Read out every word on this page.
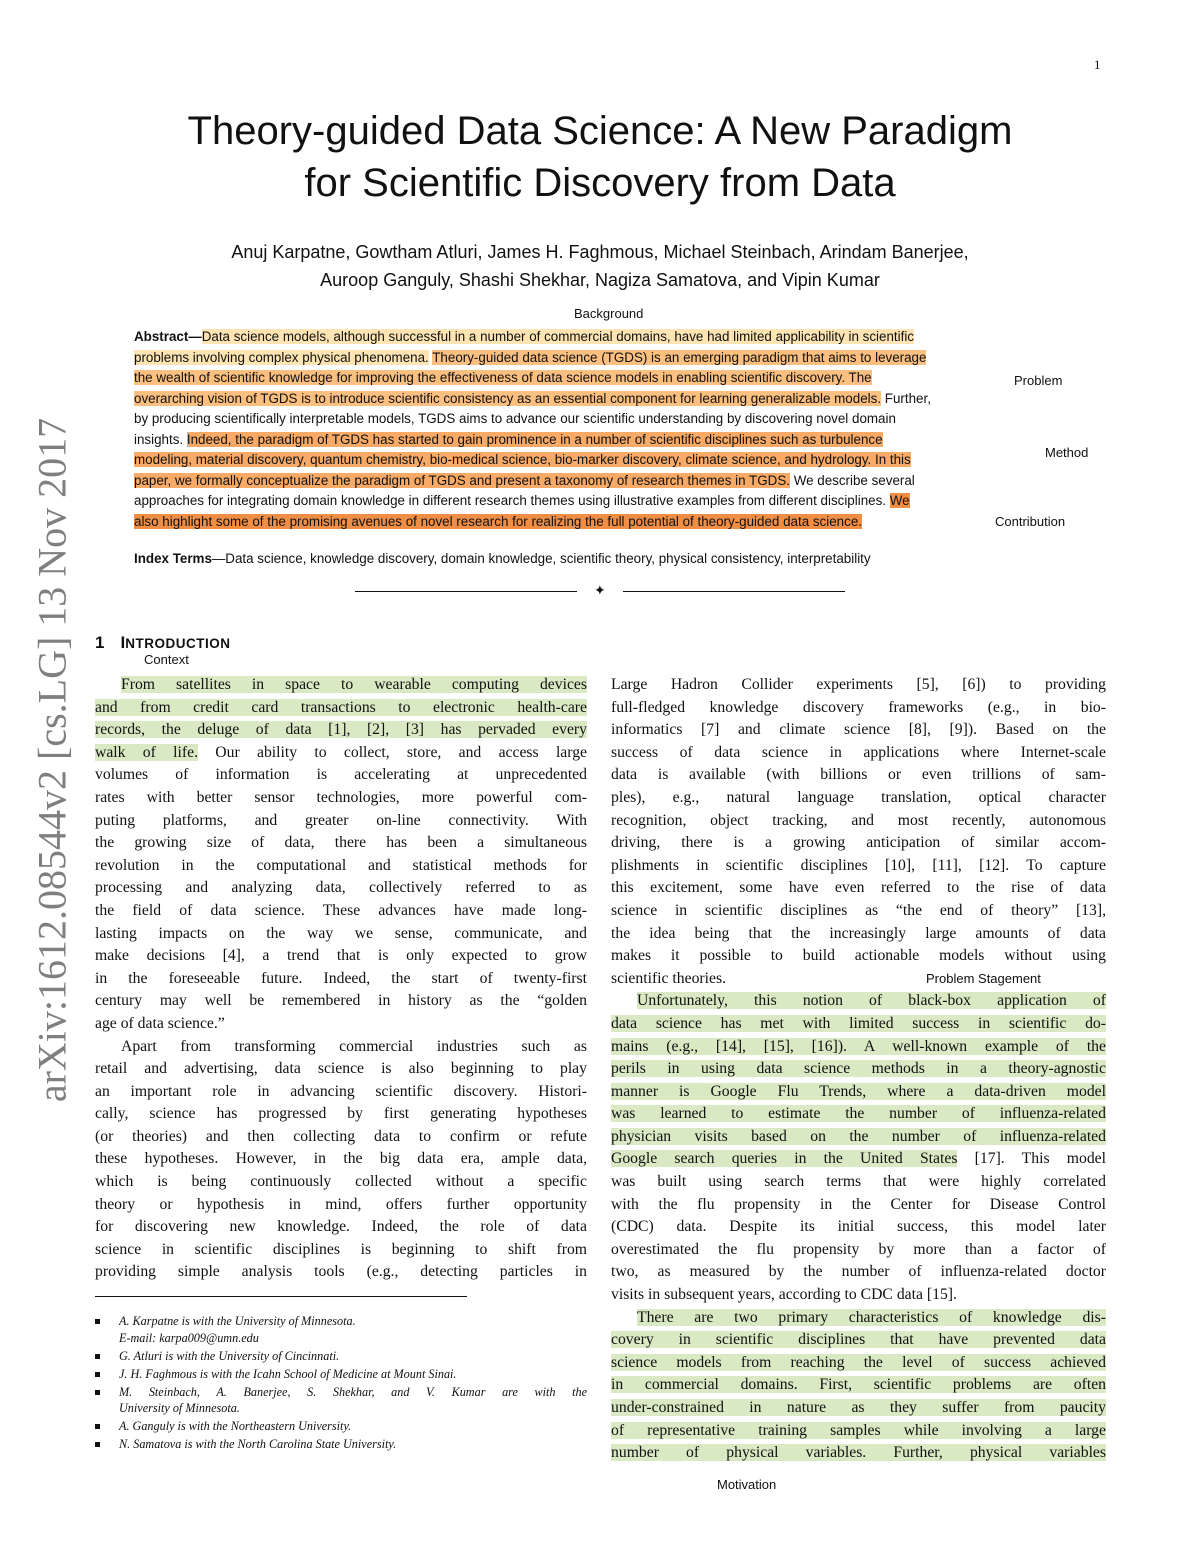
1
arXiv:1612.08544v2 [cs.LG] 13 Nov 2017
Theory-guided Data Science: A New Paradigm
for Scientific Discovery from Data
Anuj Karpatne, Gowtham Atluri, James H. Faghmous, Michael Steinbach, Arindam Banerjee,
Auroop Ganguly, Shashi Shekhar, Nagiza Samatova, and Vipin Kumar
Background
Problem
Method
Contribution
Context
Problem Stagement
Motivation
Abstract—Data science models, although successful in a number of commercial domains, have had limited applicability in scientific
problems involving complex physical phenomena. Theory-guided data science (TGDS) is an emerging paradigm that aims to leverage
the wealth of scientific knowledge for improving the effectiveness of data science models in enabling scientific discovery. The
overarching vision of TGDS is to introduce scientific consistency as an essential component for learning generalizable models. Further,
by producing scientifically interpretable models, TGDS aims to advance our scientific understanding by discovering novel domain
insights. Indeed, the paradigm of TGDS has started to gain prominence in a number of scientific disciplines such as turbulence
modeling, material discovery, quantum chemistry, bio-medical science, bio-marker discovery, climate science, and hydrology. In this
paper, we formally conceptualize the paradigm of TGDS and present a taxonomy of research themes in TGDS. We describe several
approaches for integrating domain knowledge in different research themes using illustrative examples from different disciplines. We
also highlight some of the promising avenues of novel research for realizing the full potential of theory-guided data science.
Index Terms—Data science, knowledge discovery, domain knowledge, scientific theory, physical consistency, interpretability
✦
1 INTRODUCTION
From satellites in space to wearable computing devices
and from credit card transactions to electronic health-care
records, the deluge of data [1], [2], [3] has pervaded every
walk of life. Our ability to collect, store, and access large
volumes of information is accelerating at unprecedented
rates with better sensor technologies, more powerful com-
puting platforms, and greater on-line connectivity. With
the growing size of data, there has been a simultaneous
revolution in the computational and statistical methods for
processing and analyzing data, collectively referred to as
the field of data science. These advances have made long-
lasting impacts on the way we sense, communicate, and
make decisions [4], a trend that is only expected to grow
in the foreseeable future. Indeed, the start of twenty-first
century may well be remembered in history as the “golden
age of data science.”
Apart from transforming commercial industries such as
retail and advertising, data science is also beginning to play
an important role in advancing scientific discovery. Histori-
cally, science has progressed by first generating hypotheses
(or theories) and then collecting data to confirm or refute
these hypotheses. However, in the big data era, ample data,
which is being continuously collected without a specific
theory or hypothesis in mind, offers further opportunity
for discovering new knowledge. Indeed, the role of data
science in scientific disciplines is beginning to shift from
providing simple analysis tools (e.g., detecting particles in
Large Hadron Collider experiments [5], [6]) to providing
full-fledged knowledge discovery frameworks (e.g., in bio-
informatics [7] and climate science [8], [9]). Based on the
success of data science in applications where Internet-scale
data is available (with billions or even trillions of sam-
ples), e.g., natural language translation, optical character
recognition, object tracking, and most recently, autonomous
driving, there is a growing anticipation of similar accom-
plishments in scientific disciplines [10], [11], [12]. To capture
this excitement, some have even referred to the rise of data
science in scientific disciplines as “the end of theory” [13],
the idea being that the increasingly large amounts of data
makes it possible to build actionable models without using
scientific theories.
Unfortunately, this notion of black-box application of
data science has met with limited success in scientific do-
mains (e.g., [14], [15], [16]). A well-known example of the
perils in using data science methods in a theory-agnostic
manner is Google Flu Trends, where a data-driven model
was learned to estimate the number of influenza-related
physician visits based on the number of influenza-related
Google search queries in the United States [17]. This model
was built using search terms that were highly correlated
with the flu propensity in the Center for Disease Control
(CDC) data. Despite its initial success, this model later
overestimated the flu propensity by more than a factor of
two, as measured by the number of influenza-related doctor
visits in subsequent years, according to CDC data [15].
There are two primary characteristics of knowledge dis-
covery in scientific disciplines that have prevented data
science models from reaching the level of success achieved
in commercial domains. First, scientific problems are often
under-constrained in nature as they suffer from paucity
of representative training samples while involving a large
number of physical variables. Further, physical variables
A. Karpatne is with the University of Minnesota.
E-mail: karpa009@umn.edu
G. Atluri is with the University of Cincinnati.
J. H. Faghmous is with the Icahn School of Medicine at Mount Sinai.
M. Steinbach, A. Banerjee, S. Shekhar, and V. Kumar are with the
University of Minnesota.
A. Ganguly is with the Northeastern University.
N. Samatova is with the North Carolina State University.
